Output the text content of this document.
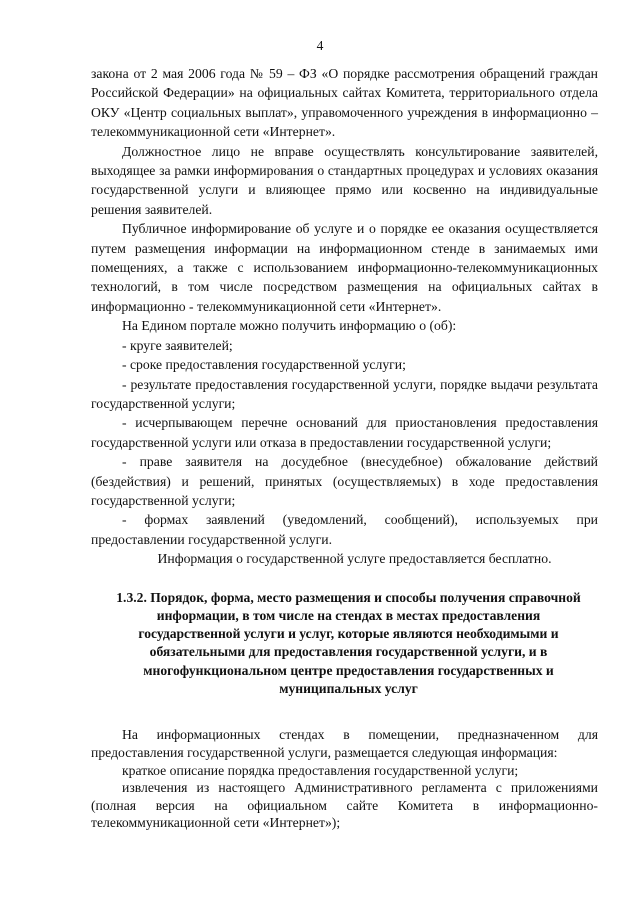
4

закона от 2 мая 2006 года № 59 – ФЗ «О порядке рассмотрения обращений граждан Российской Федерации» на официальных сайтах Комитета, территориального отдела ОКУ «Центр социальных выплат», управомоченного учреждения в информационно – телекоммуникационной сети «Интернет».

Должностное лицо не вправе осуществлять консультирование заявителей, выходящее за рамки информирования о стандартных процедурах и условиях оказания государственной услуги и влияющее прямо или косвенно на индивидуальные решения заявителей.

Публичное информирование об услуге и о порядке ее оказания осуществляется путем размещения информации на информационном стенде в занимаемых ими помещениях, а также с использованием информационно-телекоммуникационных технологий, в том числе посредством размещения на официальных сайтах в информационно - телекоммуникационной сети «Интернет».

На Едином портале можно получить информацию о (об):

- круге заявителей;

- сроке предоставления государственной услуги;

- результате предоставления государственной услуги, порядке выдачи результата государственной услуги;

- исчерпывающем перечне оснований для приостановления предоставления государственной услуги или отказа в предоставлении государственной услуги;

- праве заявителя на досудебное (внесудебное) обжалование действий (бездействия) и решений, принятых (осуществляемых) в ходе предоставления государственной услуги;

- формах заявлений (уведомлений, сообщений), используемых при предоставлении государственной услуги.

Информация о государственной услуге предоставляется бесплатно.

1.3.2. Порядок, форма, место размещения и способы получения справочной информации, в том числе на стендах в местах предоставления государственной услуги и услуг, которые являются необходимыми и обязательными для предоставления государственной услуги, и в многофункциональном центре предоставления государственных и муниципальных услуг

На информационных стендах в помещении, предназначенном для предоставления государственной услуги, размещается следующая информация:

краткое описание порядка предоставления государственной услуги;

извлечения из настоящего Административного регламента с приложениями (полная версия на официальном сайте Комитета в информационно-телекоммуникационной сети «Интернет»);
